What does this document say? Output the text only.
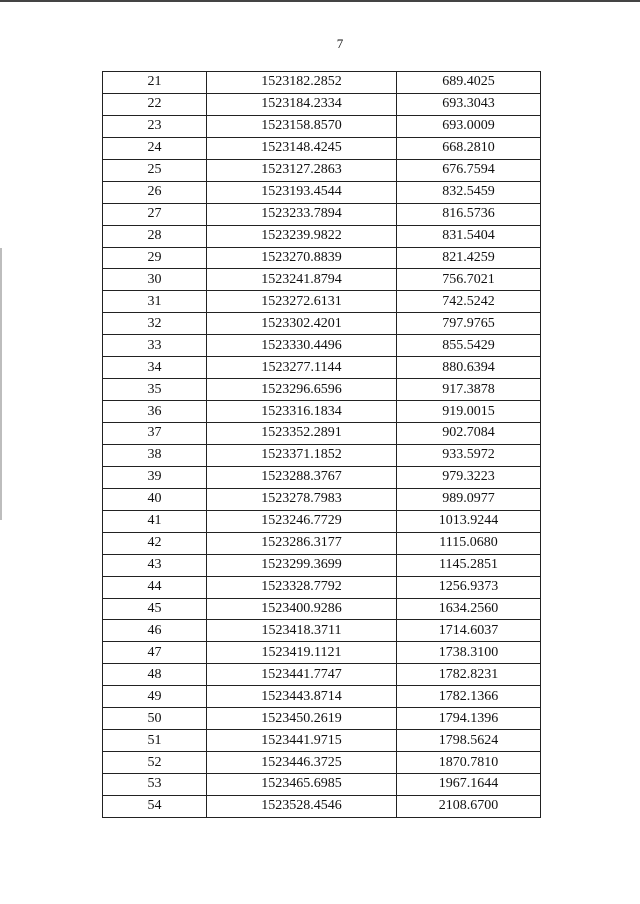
7
21	1523182.2852	689.4025
22	1523184.2334	693.3043
23	1523158.8570	693.0009
24	1523148.4245	668.2810
25	1523127.2863	676.7594
26	1523193.4544	832.5459
27	1523233.7894	816.5736
28	1523239.9822	831.5404
29	1523270.8839	821.4259
30	1523241.8794	756.7021
31	1523272.6131	742.5242
32	1523302.4201	797.9765
33	1523330.4496	855.5429
34	1523277.1144	880.6394
35	1523296.6596	917.3878
36	1523316.1834	919.0015
37	1523352.2891	902.7084
38	1523371.1852	933.5972
39	1523288.3767	979.3223
40	1523278.7983	989.0977
41	1523246.7729	1013.9244
42	1523286.3177	1115.0680
43	1523299.3699	1145.2851
44	1523328.7792	1256.9373
45	1523400.9286	1634.2560
46	1523418.3711	1714.6037
47	1523419.1121	1738.3100
48	1523441.7747	1782.8231
49	1523443.8714	1782.1366
50	1523450.2619	1794.1396
51	1523441.9715	1798.5624
52	1523446.3725	1870.7810
53	1523465.6985	1967.1644
54	1523528.4546	2108.6700
